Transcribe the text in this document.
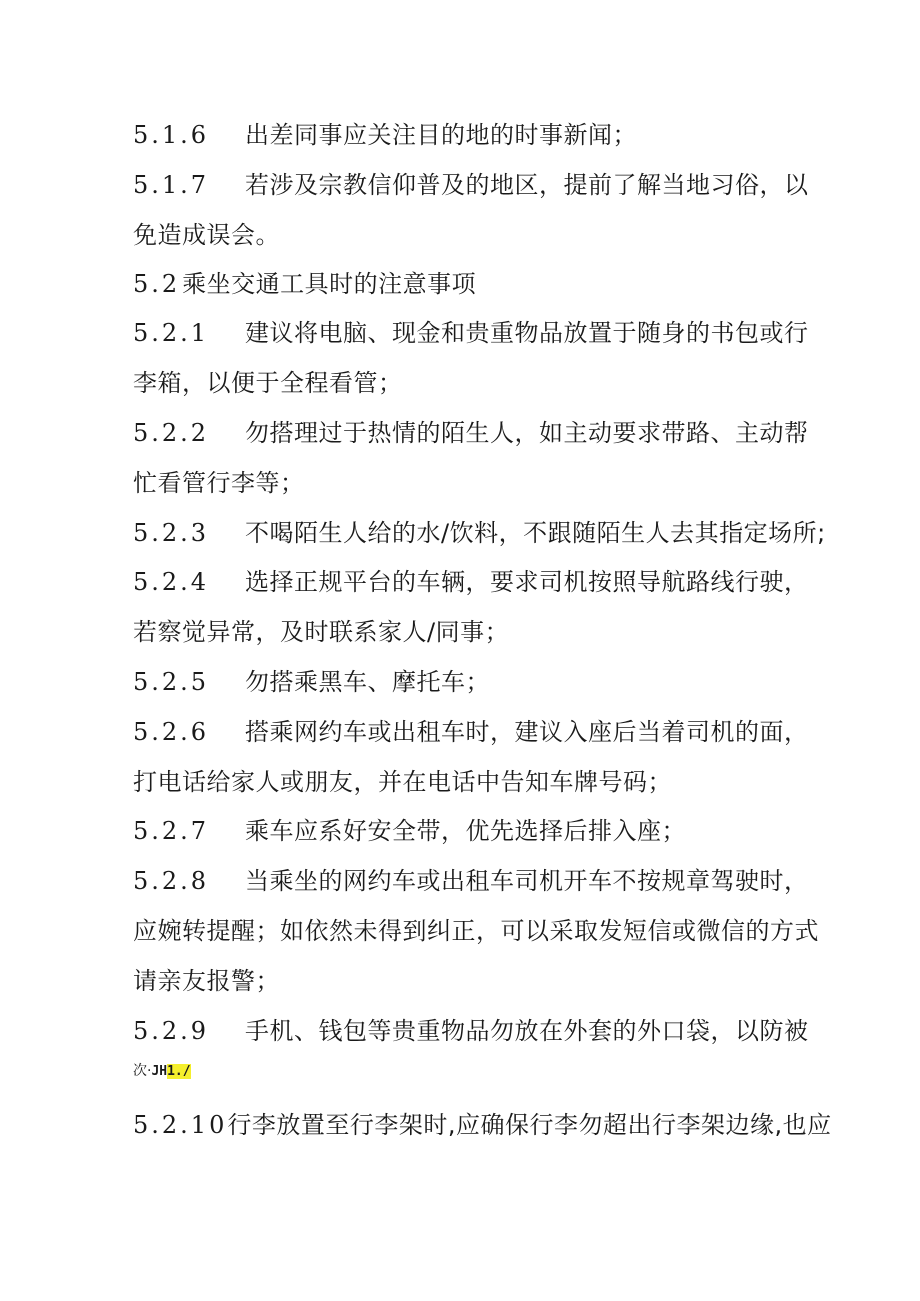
5.1.6 出差同事应关注目的地的时事新闻；
5.1.7 若涉及宗教信仰普及的地区，提前了解当地习俗，以
免造成误会。
5.2乘坐交通工具时的注意事项
5.2.1 建议将电脑、现金和贵重物品放置于随身的书包或行
李箱，以便于全程看管；
5.2.2 勿搭理过于热情的陌生人，如主动要求带路、主动帮
忙看管行李等；
5.2.3 不喝陌生人给的水/饮料，不跟随陌生人去其指定场所;
5.2.4 选择正规平台的车辆，要求司机按照导航路线行驶，
若察觉异常，及时联系家人/同事；
5.2.5 勿搭乘黑车、摩托车；
5.2.6 搭乘网约车或出租车时，建议入座后当着司机的面，
打电话给家人或朋友，并在电话中告知车牌号码；
5.2.7 乘车应系好安全带，优先选择后排入座；
5.2.8 当乘坐的网约车或出租车司机开车不按规章驾驶时，
应婉转提醒；如依然未得到纠正，可以采取发短信或微信的方式
请亲友报警；
5.2.9 手机、钱包等贵重物品勿放在外套的外口袋，以防被
次·JH1./
5.2.10行李放置至行李架时,应确保行李勿超出行李架边缘,也应
